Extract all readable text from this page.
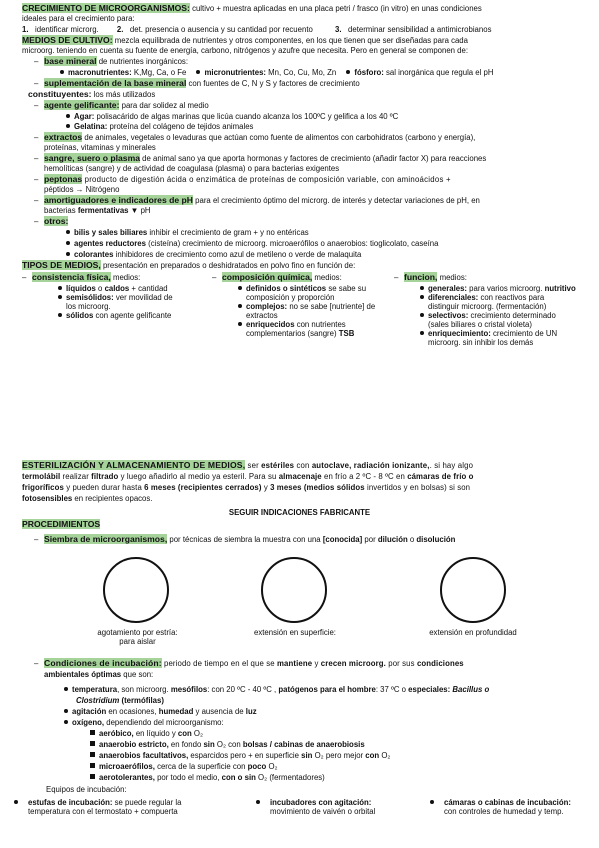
CRECIMIENTO DE MICROORGANISMOS: cultivo + muestra aplicadas en una placa petri / frasco (in vitro) en unas condiciones
ideales para el crecimiento para:
1. identificar microrg. 2. det. presencia o ausencia y su cantidad por recuento	3. determinar sensibilidad a antimicrobianos
MEDIOS DE CULTIVO: mezcla equilibrada de nutrientes y otros componentes, en los que tienen que ser diseñadas para cada
microorg. teniendo en cuenta su fuente de energía, carbono, nitrógenos y azufre que necesita. Pero en general se componen de:
– base mineral de nutrientes inorgánicos:
macronutrientes: K,Mg, Ca, o Fe micronutrientes: Mn, Co, Cu, Mo, Zn fósforo: sal inorgánica que regula el pH
– suplementación de la base mineral con fuentes de C, N y S y factores de crecimiento
constituyentes: los más utilizados
– agente gelificante: para dar solidez al medio
Agar: polisacárido de algas marinas que licúa cuando alcanza los 100ºC y gelifica a los 40 ºC
Gelatina: proteína del colágeno de tejidos animales
– extractos de animales, vegetales o levaduras que actúan como fuente de alimentos con carbohidratos (carbono y energía),
proteínas, vitaminas y minerales
– sangre, suero o plasma de animal sano ya que aporta hormonas y factores de crecimiento (añadir factor X) para reacciones
hemolíticas (sangre) y de actividad de coagulasa (plasma) o para bacterias exigentes
– peptonas producto de digestión ácida o enzimática de proteínas de composición variable, con aminoácidos +
péptidos → Nitrógeno
– amortiguadores e indicadores de pH para el crecimiento óptimo del microrg. de interés y detectar variaciones de pH, en
bacterias fermentativas ▼ pH
– otros:
bilis y sales biliares inhibir el crecimiento de gram + y no entéricas
agentes reductores (cisteína) crecimiento de microorg. microaerófilos o anaerobios: tioglicolato, caseína
colorantes inhibidores de crecimiento como azul de metileno o verde de malaquita
TIPOS DE MEDIOS, presentación en preparados o deshidratados en polvo fino en función de:
– consistencia física, medios:
líquidos o caldos + cantidad
semisólidos: ver movilidad de
los microorg.
sólidos con agente gelificante
– composición química, medios:
definidos o sintéticos se sabe su
composición y proporción
complejos: no se sabe [nutriente] de
extractos
enriquecidos con nutrientes
complementarios (sangre) TSB
– funcion, medios:
generales: para varios microorg. nutritivo
diferenciales: con reactivos para
distinguir microorg. (fermentación)
selectivos: crecimiento determinado
(sales biliares o cristal violeta)
enriquecimiento: crecimiento de UN
microorg. sin inhibir los demás
ESTERILIZACIÓN Y ALMACENAMIENTO DE MEDIOS, ser estériles con autoclave, radiación ionizante,. si hay algo
termolábil realizar filtrado y luego añadirlo al medio ya esteril. Para su almacenaje en frío a 2 ºC - 8 ºC en cámaras de frío o
frigoríficos y pueden durar hasta 6 meses (recipientes cerrados) y 3 meses (medios sólidos invertidos y en bolsas) si son
fotosensibles en recipientes opacos.
SEGUIR INDICACIONES FABRICANTE
PROCEDIMIENTOS
– Siembra de microorganismos, por técnicas de siembra la muestra con una [conocida] por dilución o disolución
agotamiento por estría:
para aislar
extensión en superficie:	extensión en profundidad
– Condiciones de incubación: periodo de tiempo en el que se mantiene y crecen microorg. por sus condiciones
ambientales óptimas que son:
temperatura, son microorg. mesófilos: con 20 ºC - 40 ºC , patógenos para el hombre: 37 ºC o especiales: Bacillus o
Clostridium (termófilas)
agitación en ocasiones, humedad y ausencia de luz
oxígeno, dependiendo del microorganismo:
aeróbico, en líquido y con O₂
anaerobio estricto, en fondo sin O₂ con bolsas / cabinas de anaerobiosis
anaerobios facultativos, esparcidos pero + en superficie sin O₂ pero mejor con O₂
microaerófilos, cerca de la superficie con poco O₂
aerotolerantes, por todo el medio, con o sin O₂ (fermentadores)
Equipos de incubación:
estufas de incubación: se puede regular la
temperatura con el termostato + compuerta
incubadores con agitación:
movimiento de vaivén o orbital
cámaras o cabinas de incubación:
con controles de humedad y temp.
